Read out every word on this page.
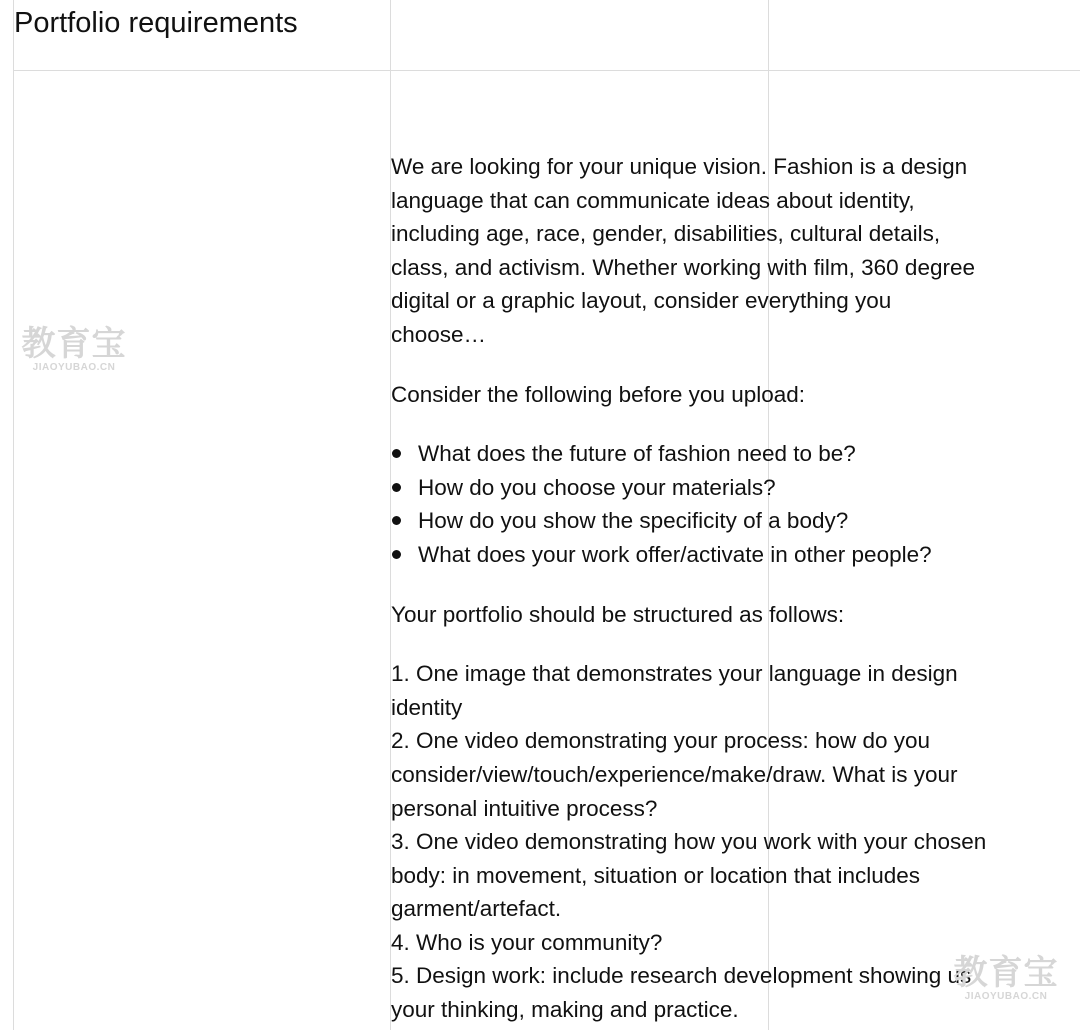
Portfolio requirements

We are looking for your unique vision. Fashion is a design language that can communicate ideas about identity, including age, race, gender, disabilities, cultural details, class, and activism. Whether working with film, 360 degree digital or a graphic layout, consider everything you choose…

Consider the following before you upload:

What does the future of fashion need to be?
How do you choose your materials?
How do you show the specificity of a body?
What does your work offer/activate in other people?

Your portfolio should be structured as follows:

1. One image that demonstrates your language in design identity
2. One video demonstrating your process: how do you consider/view/touch/experience/make/draw. What is your personal intuitive process?
3. One video demonstrating how you work with your chosen body: in movement, situation or location that includes garment/artefact.
4. Who is your community?
5. Design work: include research development showing us your thinking, making and practice.
教育宝
JIAOYUBAO.CN
教育宝
JIAOYUBAO.CN
